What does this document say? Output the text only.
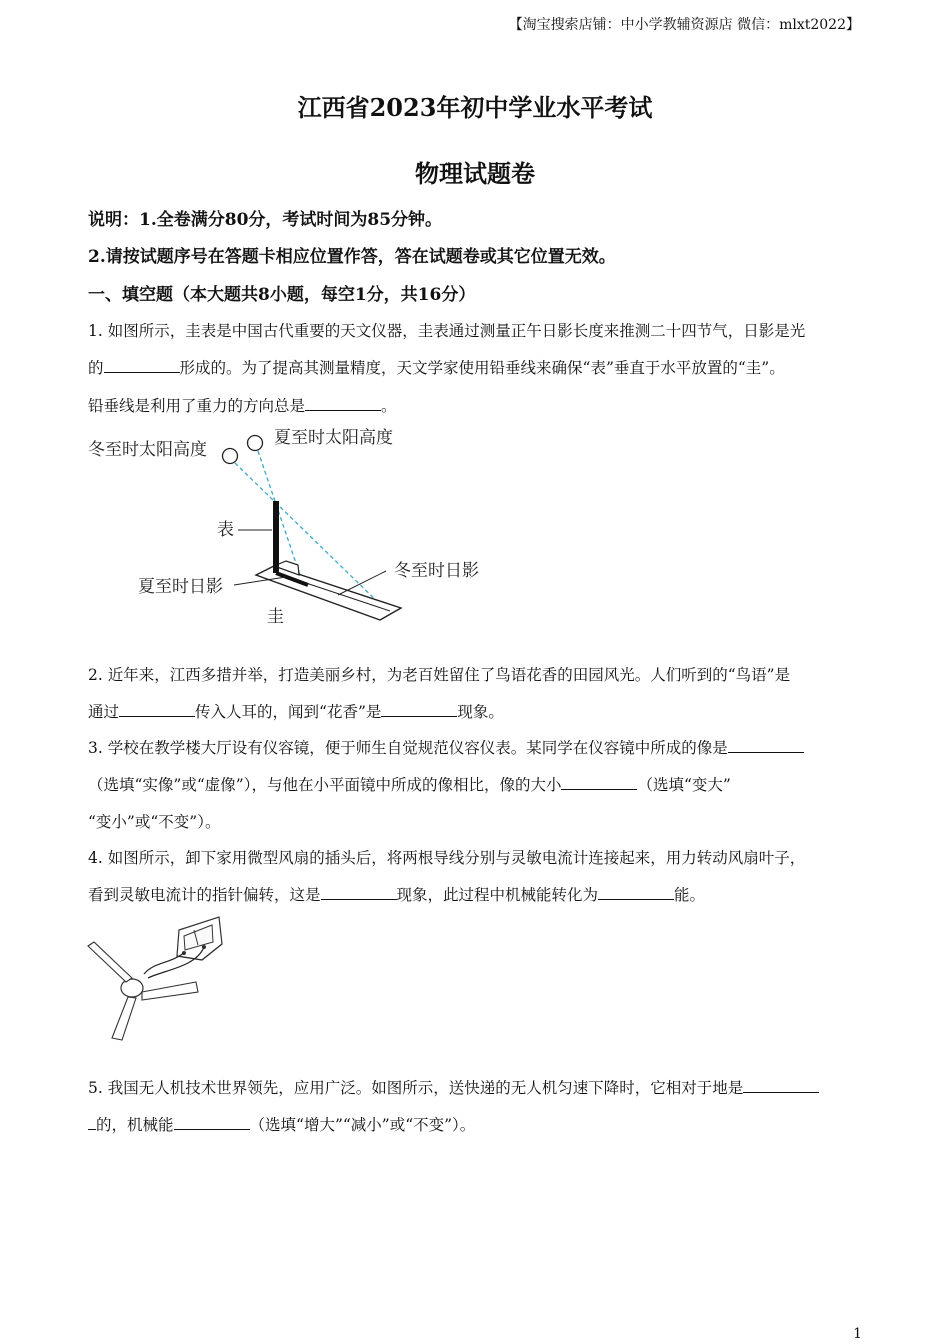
【淘宝搜索店铺：中小学教辅资源店 微信：mlxt2022】
江西省2023年初中学业水平考试
物理试题卷
说明：1.全卷满分80分，考试时间为85分钟。
2.请按试题序号在答题卡相应位置作答，答在试题卷或其它位置无效。
一、填空题（本大题共8小题，每空1分，共16分）
1. 如图所示，圭表是中国古代重要的天文仪器，圭表通过测量正午日影长度来推测二十四节气，日影是光
的	形成的。为了提高其测量精度，天文学家使用铅垂线来确保“表”垂直于水平放置的“圭”。
铅垂线是利用了重力的方向总是	。
冬至时太阳高度
夏至时太阳高度
表
夏至时日影
冬至时日影
圭
2. 近年来，江西多措并举，打造美丽乡村，为老百姓留住了鸟语花香的田园风光。人们听到的“鸟语”是
通过	传入人耳的，闻到“花香”是	现象。
3. 学校在教学楼大厅设有仪容镜，便于师生自觉规范仪容仪表。某同学在仪容镜中所成的像是
（选填“实像”或“虚像”），与他在小平面镜中所成的像相比，像的大小	（选填“变大”
“变小”或“不变”）。
4. 如图所示，卸下家用微型风扇的插头后，将两根导线分别与灵敏电流计连接起来，用力转动风扇叶子，
看到灵敏电流计的指针偏转，这是	现象，此过程中机械能转化为	能。
5. 我国无人机技术世界领先，应用广泛。如图所示，送快递的无人机匀速下降时，它相对于地是
的，机械能	（选填“增大”“减小”或“不变”）。
1
